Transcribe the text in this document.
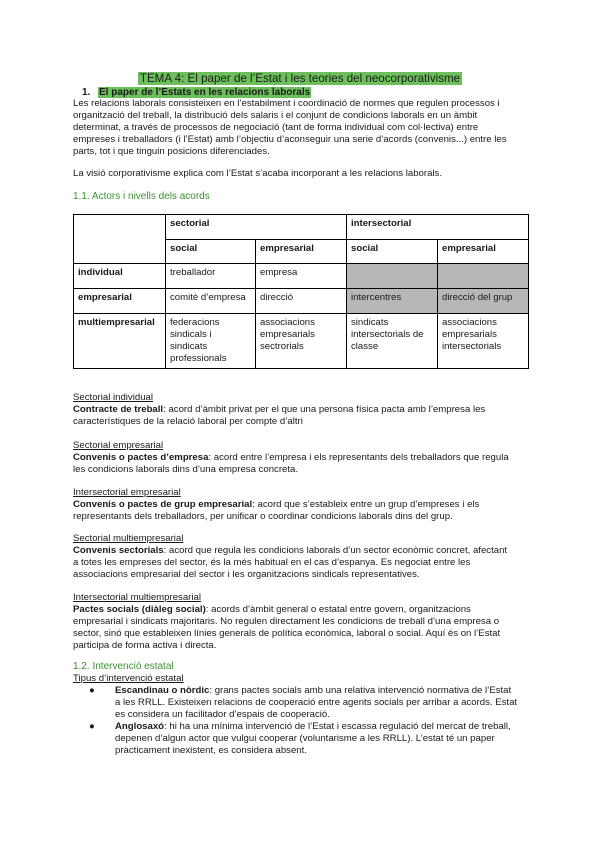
TEMA 4: El paper de l’Estat i les teories del neocorporativisme
1. El paper de l’Estats en les relacions laborals
Les relacions laborals consisteixen en l’estabilment i coordinació de normes que regulen processos i
organització del treball, la distribució dels salaris i el conjunt de condicions laborals en un àmbit
determinat, a través de processos de negociació (tant de forma individual com col·lectiva) entre
empreses i treballadors (i l’Estat) amb l’objectiu d’aconseguir una serie d’acords (convenis...) entre les
parts, tot i que tinguin posicions diferenciades.
La visió corporativisme explica com l’Estat s’acaba incorporant a les relacions laborals.
1.1. Actors i nivells dels acords
	sectorial		intersectorial	
	social	empresarial	social	empresarial
individual	treballador	empresa		
empresarial	comitè d’empresa	direcció	intercentres	direcció del grup
multiempresarial	federacions sindicals i sindicats professionals	associacions empresarials sectrorials	sindicats intersectorials de classe	associacions empresarials intersectorials
Sectorial individual
Contracte de treball: acord d’àmbit privat per el que una persona física pacta amb l’empresa les
característiques de la relació laboral per compte d’altri
Sectorial empresarial
Convenis o pactes d’empresa: acord entre l’empresa i els representants dels treballadors que regula
les condicions laborals dins d’una empresa concreta.
Intersectorial empresarial
Convenis o pactes de grup empresarial: acord que s’estableix entre un grup d’empreses i els
representants dels treballadors, per unificar o coordinar condicions laborals dins del grup.
Sectorial multiempresarial
Convenis sectorials: acord que regula les condicions laborals d’un sector econòmic concret, afectant
a totes les empreses del sector, és la més habitual en el cas d’espanya. Es negociat entre les
associacions empresarial del sector i les organitzacions sindicals representatives.
Intersectorial multiempresarial
Pactes socials (diàleg social): acords d’àmbit general o estatal entre govern, organitzacions
empresarial i sindicats majoritaris. No regulen directament les condicions de treball d’una empresa o
sector, sinó que estableixen línies generals de política econòmica, laboral o social. Aquí és on l’Estat
participa de forma activa i directa.
1.2. Intervenció estatal
Tipus d’intervenció estatal
● Escandinau o nòrdic: grans pactes socials amb una relativa intervenció normativa de l’Estat
a les RRLL. Existeixen relacions de cooperació entre agents socials per arribar a acords. Estat
es considera un facilitador d’espais de cooperació.
● Anglosaxó: hi ha una mínima intervenció de l’Estat i escassa regulació del mercat de treball,
depenen d’algun actor que vulgui cooperar (voluntarisme a les RRLL). L’estat té un paper
pràcticament inexistent, es considera absent.
